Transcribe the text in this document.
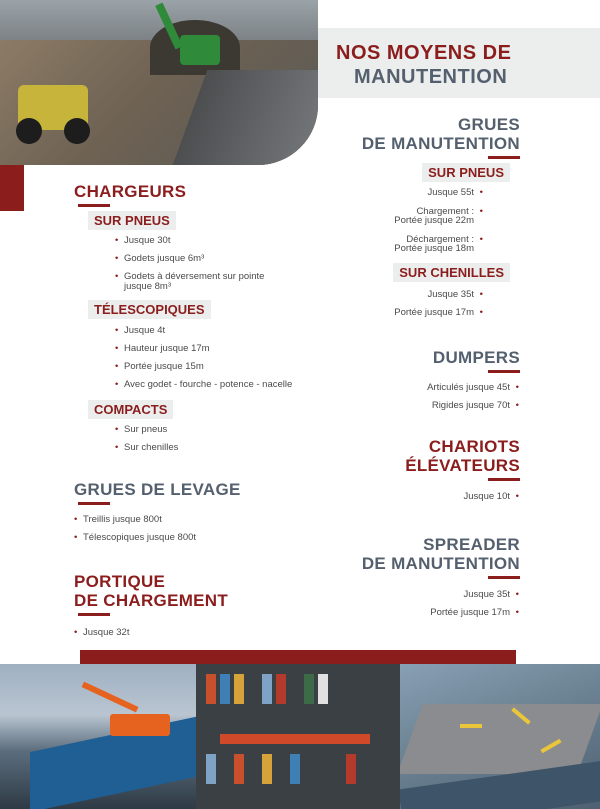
NOS MOYENS DE
MANUTENTION
CHARGEURS
SUR PNEUS
• Jusque 30t
• Godets jusque 6m³
• Godets à déversement sur pointe
jusque 8m³
TÉLESCOPIQUES
• Jusque 4t
• Hauteur jusque 17m
• Portée jusque 15m
• Avec godet - fourche - potence - nacelle
COMPACTS
• Sur pneus
• Sur chenilles
GRUES DE LEVAGE
• Treillis jusque 800t
• Télescopiques jusque 800t
PORTIQUE
DE CHARGEMENT
• Jusque 32t
GRUES
DE MANUTENTION
SUR PNEUS
Jusque 55t •
Chargement : •
Portée jusque 22m
Déchargement : •
Portée jusque 18m
SUR CHENILLES
Jusque 35t •
Portée jusque 17m •
DUMPERS
Articulés jusque 45t •
Rigides jusque 70t •
CHARIOTS
ÉLÉVATEURS
Jusque 10t •
SPREADER
DE MANUTENTION
Jusque 35t •
Portée jusque 17m •
